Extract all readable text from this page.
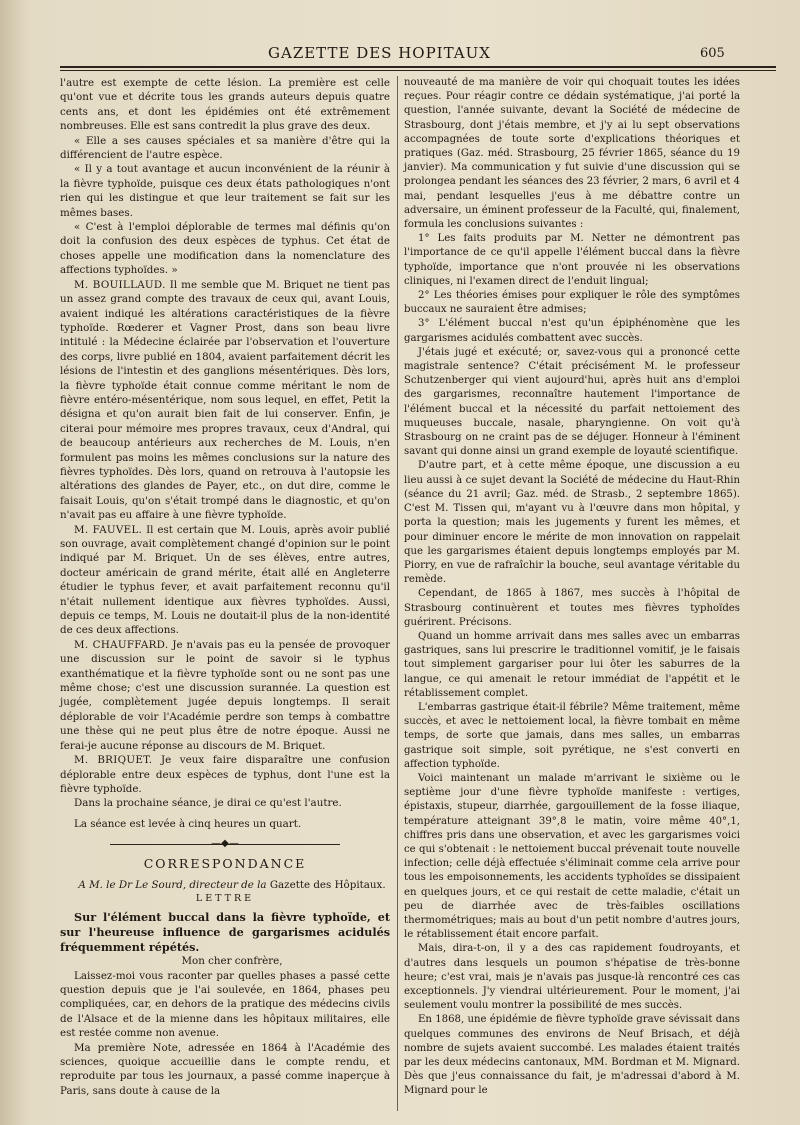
GAZETTE DES HOPITAUX	605

l'autre est exempte de cette lésion. La première est celle qu'ont vue et décrite tous les grands auteurs depuis quatre cents ans, et dont les épidémies ont été extrêmement nombreuses. Elle est sans contredit la plus grave des deux.

« Elle a ses causes spéciales et sa manière d'être qui la différencient de l'autre espèce.

« Il y a tout avantage et aucun inconvénient de la réunir à la fièvre typhoïde, puisque ces deux états pathologiques n'ont rien qui les distingue et que leur traitement se fait sur les mêmes bases.

« C'est à l'emploi déplorable de termes mal définis qu'on doit la confusion des deux espèces de typhus. Cet état de choses appelle une modification dans la nomenclature des affections typhoïdes. »

M. BOUILLAUD. Il me semble que M. Briquet ne tient pas un assez grand compte des travaux de ceux qui, avant Louis, avaient indiqué les altérations caractéristiques de la fièvre typhoïde. Rœderer et Vagner Prost, dans son beau livre intitulé : la Médecine éclairée par l'observation et l'ouverture des corps, livre publié en 1804, avaient parfaitement décrit les lésions de l'intestin et des ganglions mésentériques. Dès lors, la fièvre typhoïde était connue comme méritant le nom de fièvre entéro-mésentérique, nom sous lequel, en effet, Petit la désigna et qu'on aurait bien fait de lui conserver. Enfin, je citerai pour mémoire mes propres travaux, ceux d'Andral, qui de beaucoup antérieurs aux recherches de M. Louis, n'en formulent pas moins les mêmes conclusions sur la nature des fièvres typhoïdes. Dès lors, quand on retrouva à l'autopsie les altérations des glandes de Payer, etc., on dut dire, comme le faisait Louis, qu'on s'était trompé dans le diagnostic, et qu'on n'avait pas eu affaire à une fièvre typhoïde.

M. FAUVEL. Il est certain que M. Louis, après avoir publié son ouvrage, avait complètement changé d'opinion sur le point indiqué par M. Briquet. Un de ses élèves, entre autres, docteur américain de grand mérite, était allé en Angleterre étudier le typhus fever, et avait parfaitement reconnu qu'il n'était nullement identique aux fièvres typhoïdes. Aussi, depuis ce temps, M. Louis ne doutait-il plus de la non-identité de ces deux affections.

M. CHAUFFARD. Je n'avais pas eu la pensée de provoquer une discussion sur le point de savoir si le typhus exanthématique et la fièvre typhoïde sont ou ne sont pas une même chose; c'est une discussion surannée. La question est jugée, complètement jugée depuis longtemps. Il serait déplorable de voir l'Académie perdre son temps à combattre une thèse qui ne peut plus être de notre époque. Aussi ne ferai-je aucune réponse au discours de M. Briquet.

M. BRIQUET. Je veux faire disparaître une confusion déplorable entre deux espèces de typhus, dont l'une est la fièvre typhoïde.

Dans la prochaine séance, je dirai ce qu'est l'autre.

La séance est levée à cinq heures un quart.

—◆—
CORRESPONDANCE

A M. le Dr Le Sourd, directeur de la Gazette des Hôpitaux.

LETTRE

Sur l'élément buccal dans la fièvre typhoïde, et sur l'heureuse influence de gargarismes acidulés fréquemment répétés.

Mon cher confrère,

Laissez-moi vous raconter par quelles phases a passé cette question depuis que je l'ai soulevée, en 1864, phases peu compliquées, car, en dehors de la pratique des médecins civils de l'Alsace et de la mienne dans les hôpitaux militaires, elle est restée comme non avenue.

Ma première Note, adressée en 1864 à l'Académie des sciences, quoique accueillie dans le compte rendu, et reproduite par tous les journaux, a passé comme inaperçue à Paris, sans doute à cause de la

nouveauté de ma manière de voir qui choquait toutes les idées reçues. Pour réagir contre ce dédain systématique, j'ai porté la question, l'année suivante, devant la Société de médecine de Strasbourg, dont j'étais membre, et j'y ai lu sept observations accompagnées de toute sorte d'explications théoriques et pratiques (Gaz. méd. Strasbourg, 25 février 1865, séance du 19 janvier). Ma communication y fut suivie d'une discussion qui se prolongea pendant les séances des 23 février, 2 mars, 6 avril et 4 mai, pendant lesquelles j'eus à me débattre contre un adversaire, un éminent professeur de la Faculté, qui, finalement, formula les conclusions suivantes :

1° Les faits produits par M. Netter ne démontrent pas l'importance de ce qu'il appelle l'élément buccal dans la fièvre typhoïde, importance que n'ont prouvée ni les observations cliniques, ni l'examen direct de l'enduit lingual;

2° Les théories émises pour expliquer le rôle des symptômes buccaux ne sauraient être admises;

3° L'élément buccal n'est qu'un épiphénomène que les gargarismes acidulés combattent avec succès.

J'étais jugé et exécuté; or, savez-vous qui a prononcé cette magistrale sentence? C'était précisément M. le professeur Schutzenberger qui vient aujourd'hui, après huit ans d'emploi des gargarismes, reconnaître hautement l'importance de l'élément buccal et la nécessité du parfait nettoiement des muqueuses buccale, nasale, pharyngienne. On voit qu'à Strasbourg on ne craint pas de se déjuger. Honneur à l'éminent savant qui donne ainsi un grand exemple de loyauté scientifique.

D'autre part, et à cette même époque, une discussion a eu lieu aussi à ce sujet devant la Société de médecine du Haut-Rhin (séance du 21 avril; Gaz. méd. de Strasb., 2 septembre 1865). C'est M. Tissen qui, m'ayant vu à l'œuvre dans mon hôpital, y porta la question; mais les jugements y furent les mêmes, et pour diminuer encore le mérite de mon innovation on rappelait que les gargarismes étaient depuis longtemps employés par M. Piorry, en vue de rafraîchir la bouche, seul avantage véritable du remède.

Cependant, de 1865 à 1867, mes succès à l'hôpital de Strasbourg continuèrent et toutes mes fièvres typhoïdes guérirent. Précisons.

Quand un homme arrivait dans mes salles avec un embarras gastriques, sans lui prescrire le traditionnel vomitif, je le faisais tout simplement gargariser pour lui ôter les saburres de la langue, ce qui amenait le retour immédiat de l'appétit et le rétablissement complet.

L'embarras gastrique était-il fébrile? Même traitement, même succès, et avec le nettoiement local, la fièvre tombait en même temps, de sorte que jamais, dans mes salles, un embarras gastrique soit simple, soit pyrétique, ne s'est converti en affection typhoïde.

Voici maintenant un malade m'arrivant le sixième ou le septième jour d'une fièvre typhoïde manifeste : vertiges, épistaxis, stupeur, diarrhée, gargouillement de la fosse iliaque, température atteignant 39°,8 le matin, voire même 40°,1, chiffres pris dans une observation, et avec les gargarismes voici ce qui s'obtenait : le nettoiement buccal prévenait toute nouvelle infection; celle déjà effectuée s'éliminait comme cela arrive pour tous les empoisonnements, les accidents typhoïdes se dissipaient en quelques jours, et ce qui restait de cette maladie, c'était un peu de diarrhée avec de très-faibles oscillations thermométriques; mais au bout d'un petit nombre d'autres jours, le rétablissement était encore parfait.

Mais, dira-t-on, il y a des cas rapidement foudroyants, et d'autres dans lesquels un poumon s'hépatise de très-bonne heure; c'est vrai, mais je n'avais pas jusque-là rencontré ces cas exceptionnels. J'y viendrai ultérieurement. Pour le moment, j'ai seulement voulu montrer la possibilité de mes succès.

En 1868, une épidémie de fièvre typhoïde grave sévissait dans quelques communes des environs de Neuf Brisach, et déjà nombre de sujets avaient succombé. Les malades étaient traités par les deux médecins cantonaux, MM. Bordman et M. Mignard. Dès que j'eus connaissance du fait, je m'adressai d'abord à M. Mignard pour le
